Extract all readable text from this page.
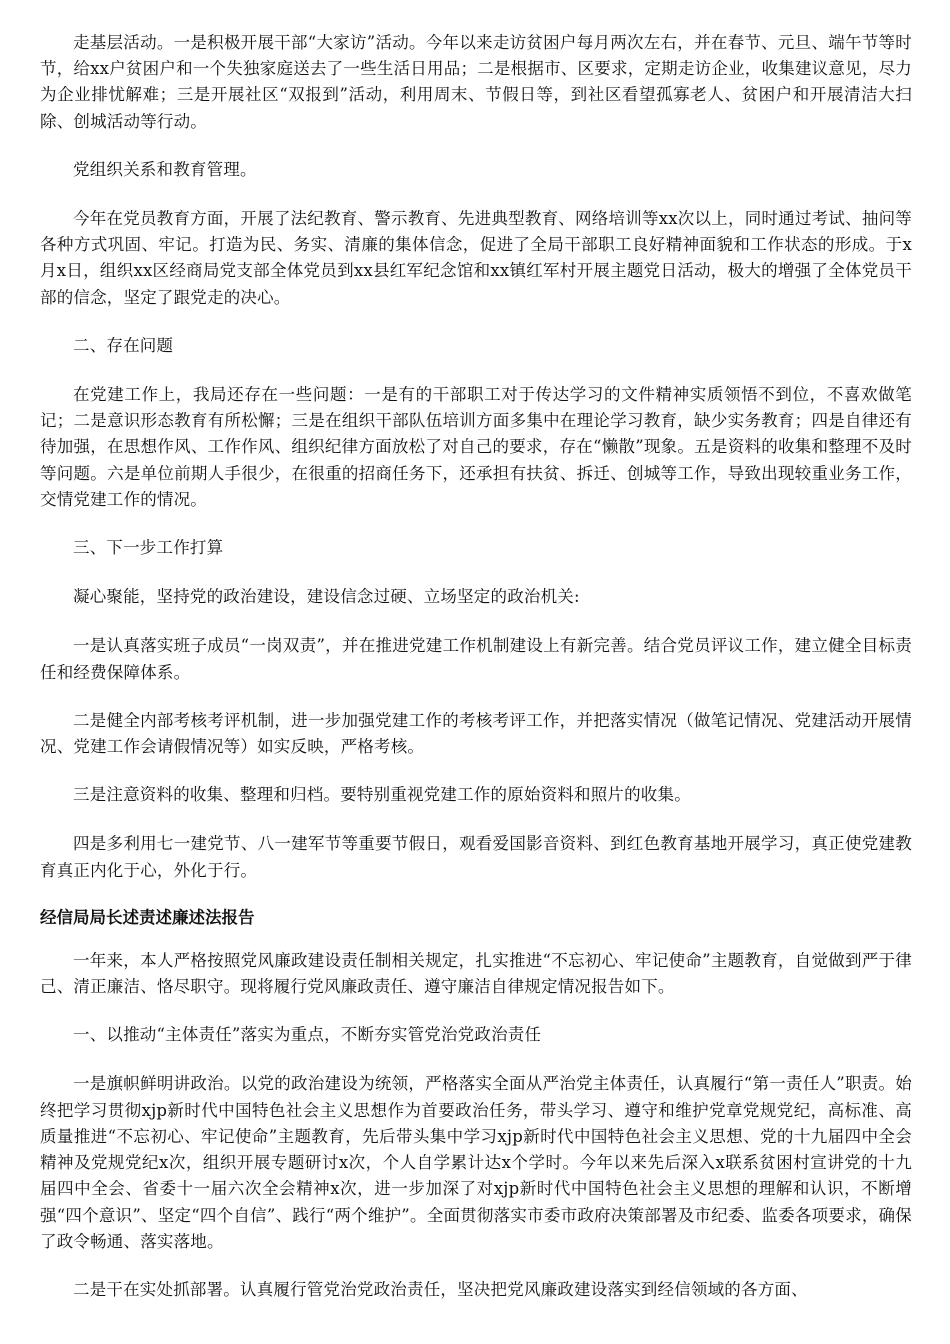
走基层活动。一是积极开展干部“大家访”活动。今年以来走访贫困户每月两次左右，并在春节、元旦、端午节等时节，给xx户贫困户和一个失独家庭送去了一些生活日用品；二是根据市、区要求，定期走访企业，收集建议意见，尽力为企业排忧解难；三是开展社区“双报到”活动，利用周末、节假日等，到社区看望孤寡老人、贫困户和开展清洁大扫除、创城活动等行动。

党组织关系和教育管理。

今年在党员教育方面，开展了法纪教育、警示教育、先进典型教育、网络培训等xx次以上，同时通过考试、抽问等各种方式巩固、牢记。打造为民、务实、清廉的集体信念，促进了全局干部职工良好精神面貌和工作状态的形成。于x月x日，组织xx区经商局党支部全体党员到xx县红军纪念馆和xx镇红军村开展主题党日活动，极大的增强了全体党员干部的信念，坚定了跟党走的决心。

二、存在问题

在党建工作上，我局还存在一些问题：一是有的干部职工对于传达学习的文件精神实质领悟不到位，不喜欢做笔记；二是意识形态教育有所松懈；三是在组织干部队伍培训方面多集中在理论学习教育，缺少实务教育；四是自律还有待加强，在思想作风、工作作风、组织纪律方面放松了对自己的要求，存在“懒散”现象。五是资料的收集和整理不及时等问题。六是单位前期人手很少，在很重的招商任务下，还承担有扶贫、拆迁、创城等工作，导致出现较重业务工作，交情党建工作的情况。

三、下一步工作打算

凝心聚能，坚持党的政治建设，建设信念过硬、立场坚定的政治机关:

一是认真落实班子成员“一岗双责”，并在推进党建工作机制建设上有新完善。结合党员评议工作，建立健全目标责任和经费保障体系。

二是健全内部考核考评机制，进一步加强党建工作的考核考评工作，并把落实情况（做笔记情况、党建活动开展情况、党建工作会请假情况等）如实反映，严格考核。

三是注意资料的收集、整理和归档。要特别重视党建工作的原始资料和照片的收集。

四是多利用七一建党节、八一建军节等重要节假日，观看爱国影音资料、到红色教育基地开展学习，真正使党建教育真正内化于心，外化于行。

经信局局长述责述廉述法报告

一年来，本人严格按照党风廉政建设责任制相关规定，扎实推进“不忘初心、牢记使命”主题教育，自觉做到严于律己、清正廉洁、恪尽职守。现将履行党风廉政责任、遵守廉洁自律规定情况报告如下。

一、以推动“主体责任”落实为重点，不断夯实管党治党政治责任

一是旗帜鲜明讲政治。以党的政治建设为统领，严格落实全面从严治党主体责任，认真履行“第一责任人”职责。始终把学习贯彻xjp新时代中国特色社会主义思想作为首要政治任务，带头学习、遵守和维护党章党规党纪，高标准、高质量推进“不忘初心、牢记使命”主题教育，先后带头集中学习xjp新时代中国特色社会主义思想、党的十九届四中全会精神及党规党纪x次，组织开展专题研讨x次，个人自学累计达x个学时。今年以来先后深入x联系贫困村宣讲党的十九届四中全会、省委十一届六次全会精神x次，进一步加深了对xjp新时代中国特色社会主义思想的理解和认识，不断增强“四个意识”、坚定“四个自信”、践行“两个维护”。全面贯彻落实市委市政府决策部署及市纪委、监委各项要求，确保了政令畅通、落实落地。

二是干在实处抓部署。认真履行管党治党政治责任，坚决把党风廉政建设落实到经信领域的各方面、
